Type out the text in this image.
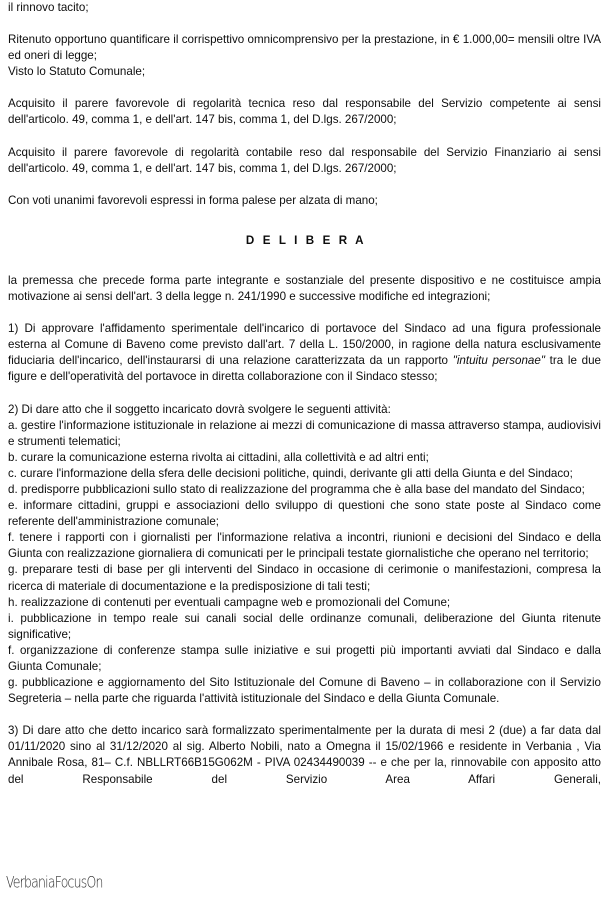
il rinnovo tacito;

Ritenuto opportuno quantificare il corrispettivo omnicomprensivo per la prestazione, in € 1.000,00= mensili oltre IVA ed oneri di legge;

Visto lo Statuto Comunale;

Acquisito il parere favorevole di regolarità tecnica reso dal responsabile del Servizio competente ai sensi dell'articolo. 49, comma 1, e dell'art. 147 bis, comma 1, del D.lgs. 267/2000;

Acquisito il parere favorevole di regolarità contabile reso dal responsabile del Servizio Finanziario ai sensi dell'articolo. 49, comma 1, e dell'art. 147 bis, comma 1, del D.lgs. 267/2000;

Con voti unanimi favorevoli espressi in forma palese per alzata di mano;

D E L I B E R A

la premessa che precede forma parte integrante e sostanziale del presente dispositivo e ne costituisce ampia motivazione ai sensi dell'art. 3 della legge n. 241/1990 e successive modifiche ed integrazioni;

1) Di approvare l'affidamento sperimentale dell'incarico di portavoce del Sindaco ad una figura professionale esterna al Comune di Baveno come previsto dall'art. 7 della L. 150/2000, in ragione della natura esclusivamente fiduciaria dell'incarico, dell'instaurarsi di una relazione caratterizzata da un rapporto "intuitu personae" tra le due figure e dell'operatività del portavoce in diretta collaborazione con il Sindaco stesso;

2) Di dare atto che il soggetto incaricato dovrà svolgere le seguenti attività:

a. gestire l'informazione istituzionale in relazione ai mezzi di comunicazione di massa attraverso stampa, audiovisivi e strumenti telematici;

b. curare la comunicazione esterna rivolta ai cittadini, alla collettività e ad altri enti;

c. curare l'informazione della sfera delle decisioni politiche, quindi, derivante gli atti della Giunta e del Sindaco;

d. predisporre pubblicazioni sullo stato di realizzazione del programma che è alla base del mandato del Sindaco;

e. informare cittadini, gruppi e associazioni dello sviluppo di questioni che sono state poste al Sindaco come referente dell'amministrazione comunale;

f. tenere i rapporti con i giornalisti per l'informazione relativa a incontri, riunioni e decisioni del Sindaco e della Giunta con realizzazione giornaliera di comunicati per le principali testate giornalistiche che operano nel territorio;

g. preparare testi di base per gli interventi del Sindaco in occasione di cerimonie o manifestazioni, compresa la ricerca di materiale di documentazione e la predisposizione di tali testi;

h. realizzazione di contenuti per eventuali campagne web e promozionali del Comune;

i. pubblicazione in tempo reale sui canali social delle ordinanze comunali, deliberazione del Giunta ritenute significative;

f. organizzazione di conferenze stampa sulle iniziative e sui progetti più importanti avviati dal Sindaco e dalla Giunta Comunale;

g. pubblicazione e aggiornamento del Sito Istituzionale del Comune di Baveno – in collaborazione con il Servizio Segreteria – nella parte che riguarda l'attività istituzionale del Sindaco e della Giunta Comunale.

3) Di dare atto che detto incarico sarà formalizzato sperimentalmente per la durata di mesi 2 (due) a far data dal 01/11/2020 sino al 31/12/2020 al sig. Alberto Nobili, nato a Omegna il 15/02/1966 e residente in Verbania , Via Annibale Rosa, 81– C.f. NBLLRT66B15G062M - PIVA 02434490039 -- e che per la, rinnovabile con apposito atto del Responsabile del Servizio Area Affari Generali,

VerbaniaFocusOn
